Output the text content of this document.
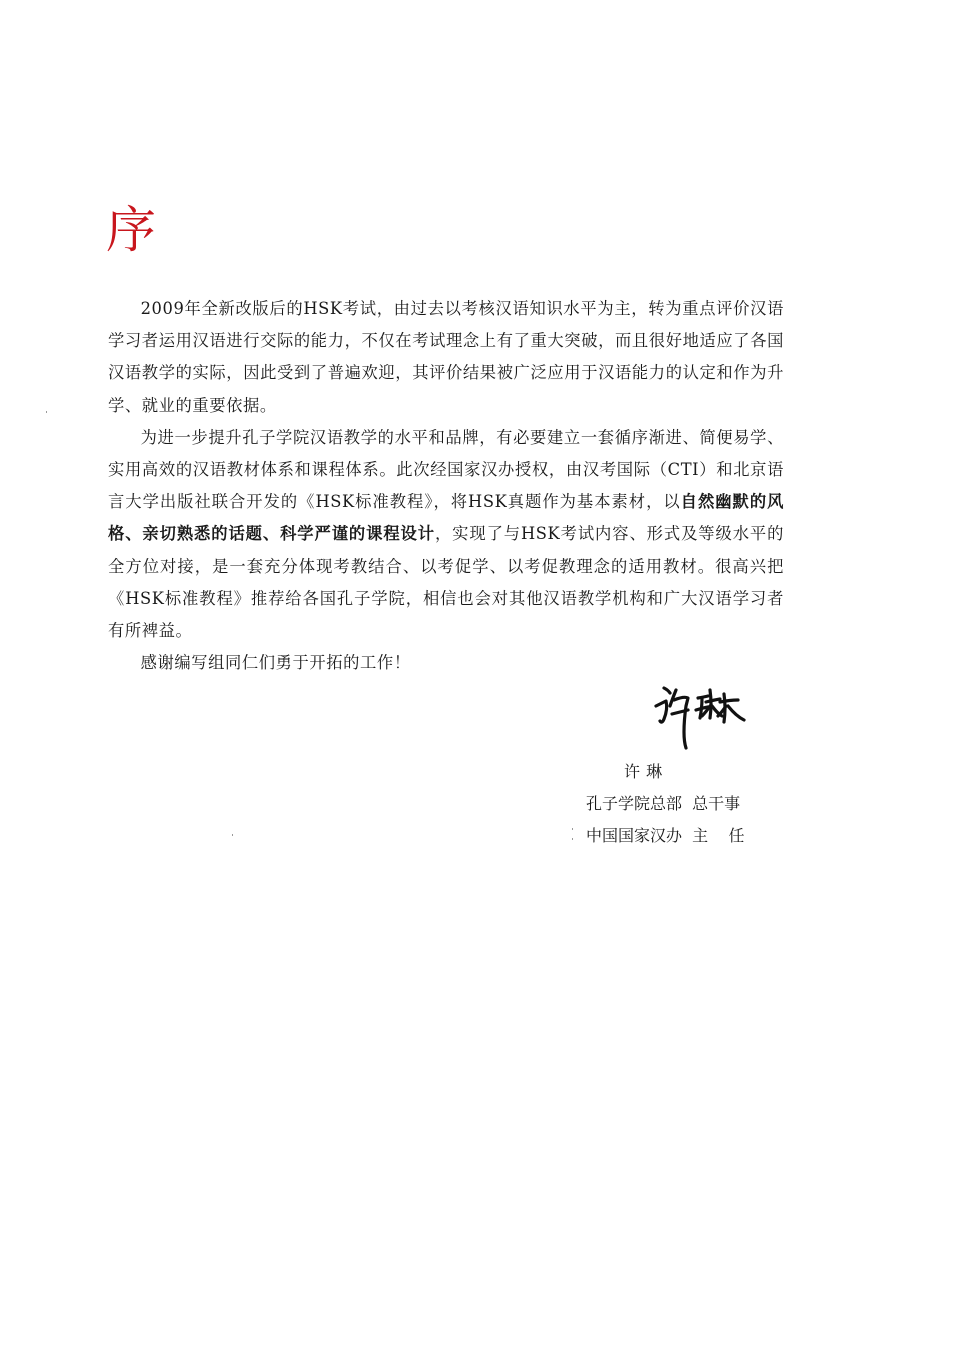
序

2009年全新改版后的HSK考试，由过去以考核汉语知识水平为主，转为重点评价汉语学习者运用汉语进行交际的能力，不仅在考试理念上有了重大突破，而且很好地适应了各国汉语教学的实际，因此受到了普遍欢迎，其评价结果被广泛应用于汉语能力的认定和作为升学、就业的重要依据。

为进一步提升孔子学院汉语教学的水平和品牌，有必要建立一套循序渐进、简便易学、实用高效的汉语教材体系和课程体系。此次经国家汉办授权，由汉考国际（CTI）和北京语言大学出版社联合开发的《HSK标准教程》，将HSK真题作为基本素材，以自然幽默的风格、亲切熟悉的话题、科学严谨的课程设计，实现了与HSK考试内容、形式及等级水平的全方位对接，是一套充分体现考教结合、以考促学、以考促教理念的适用教材。很高兴把《HSK标准教程》推荐给各国孔子学院，相信也会对其他汉语教学机构和广大汉语学习者有所裨益。

感谢编写组同仁们勇于开拓的工作！

许 琳
孔子学院总部  总干事
中国国家汉办  主    任
